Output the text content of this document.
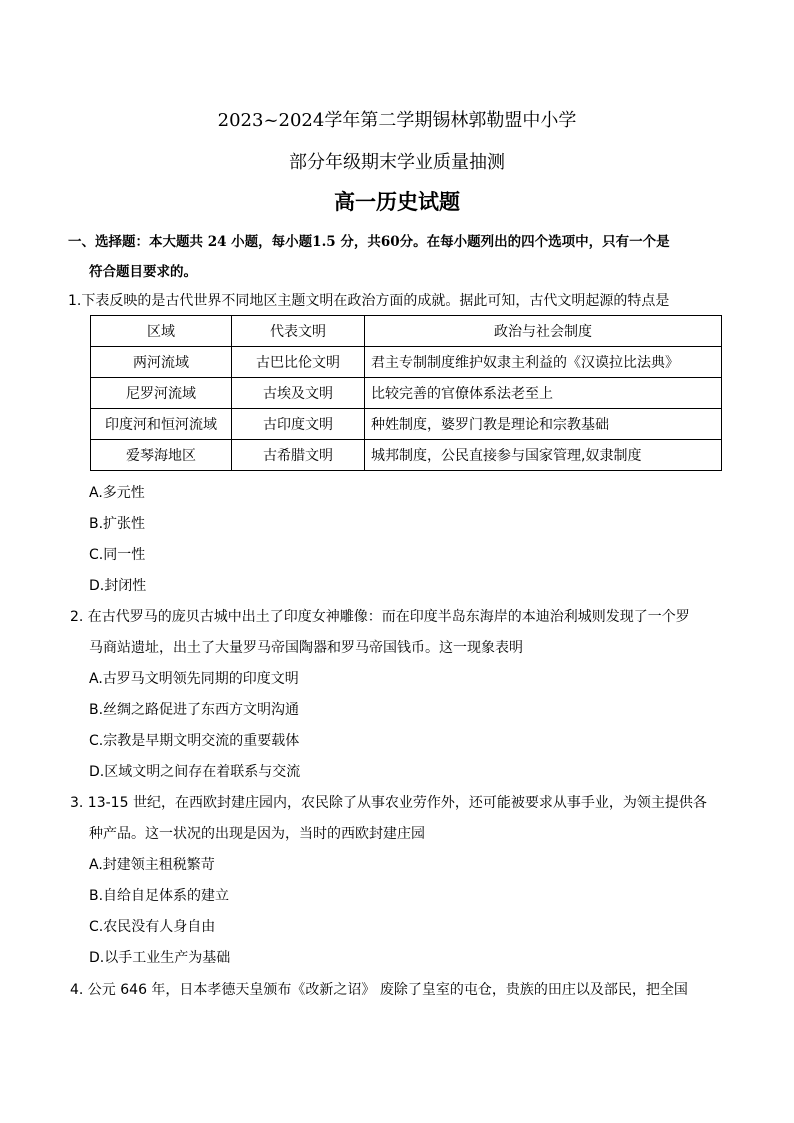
2023~2024学年第二学期锡林郭勒盟中小学
部分年级期末学业质量抽测
高一历史试题
一、选择题：本大题共 24 小题，每小题1.5 分，共60分。在每小题列出的四个选项中，只有一个是
符合题目要求的。
1.下表反映的是古代世界不同地区主题文明在政治方面的成就。据此可知，古代文明起源的特点是
区域	代表文明	政治与社会制度
两河流域	古巴比伦文明	君主专制制度维护奴隶主利益的《汉谟拉比法典》
尼罗河流域	古埃及文明	比较完善的官僚体系法老至上
印度河和恒河流域	古印度文明	种姓制度，婆罗门教是理论和宗教基础
爱琴海地区	古希腊文明	城邦制度，公民直接参与国家管理,奴隶制度
A.多元性
B.扩张性
C.同一性
D.封闭性
2. 在古代罗马的庞贝古城中出土了印度女神雕像：而在印度半岛东海岸的本迪治利城则发现了一个罗
马商站遗址，出土了大量罗马帝国陶器和罗马帝国钱币。这一现象表明
A.古罗马文明领先同期的印度文明
B.丝绸之路促进了东西方文明沟通
C.宗教是早期文明交流的重要载体
D.区域文明之间存在着联系与交流
3. 13-15 世纪，在西欧封建庄园内，农民除了从事农业劳作外，还可能被要求从事手业，为领主提供各
种产品。这一状况的出现是因为，当时的西欧封建庄园
A.封建领主租税繁苛
B.自给自足体系的建立
C.农民没有人身自由
D.以手工业生产为基础
4. 公元 646 年，日本孝德天皇颁布《改新之诏》 废除了皇室的屯仓，贵族的田庄以及部民，把全国
